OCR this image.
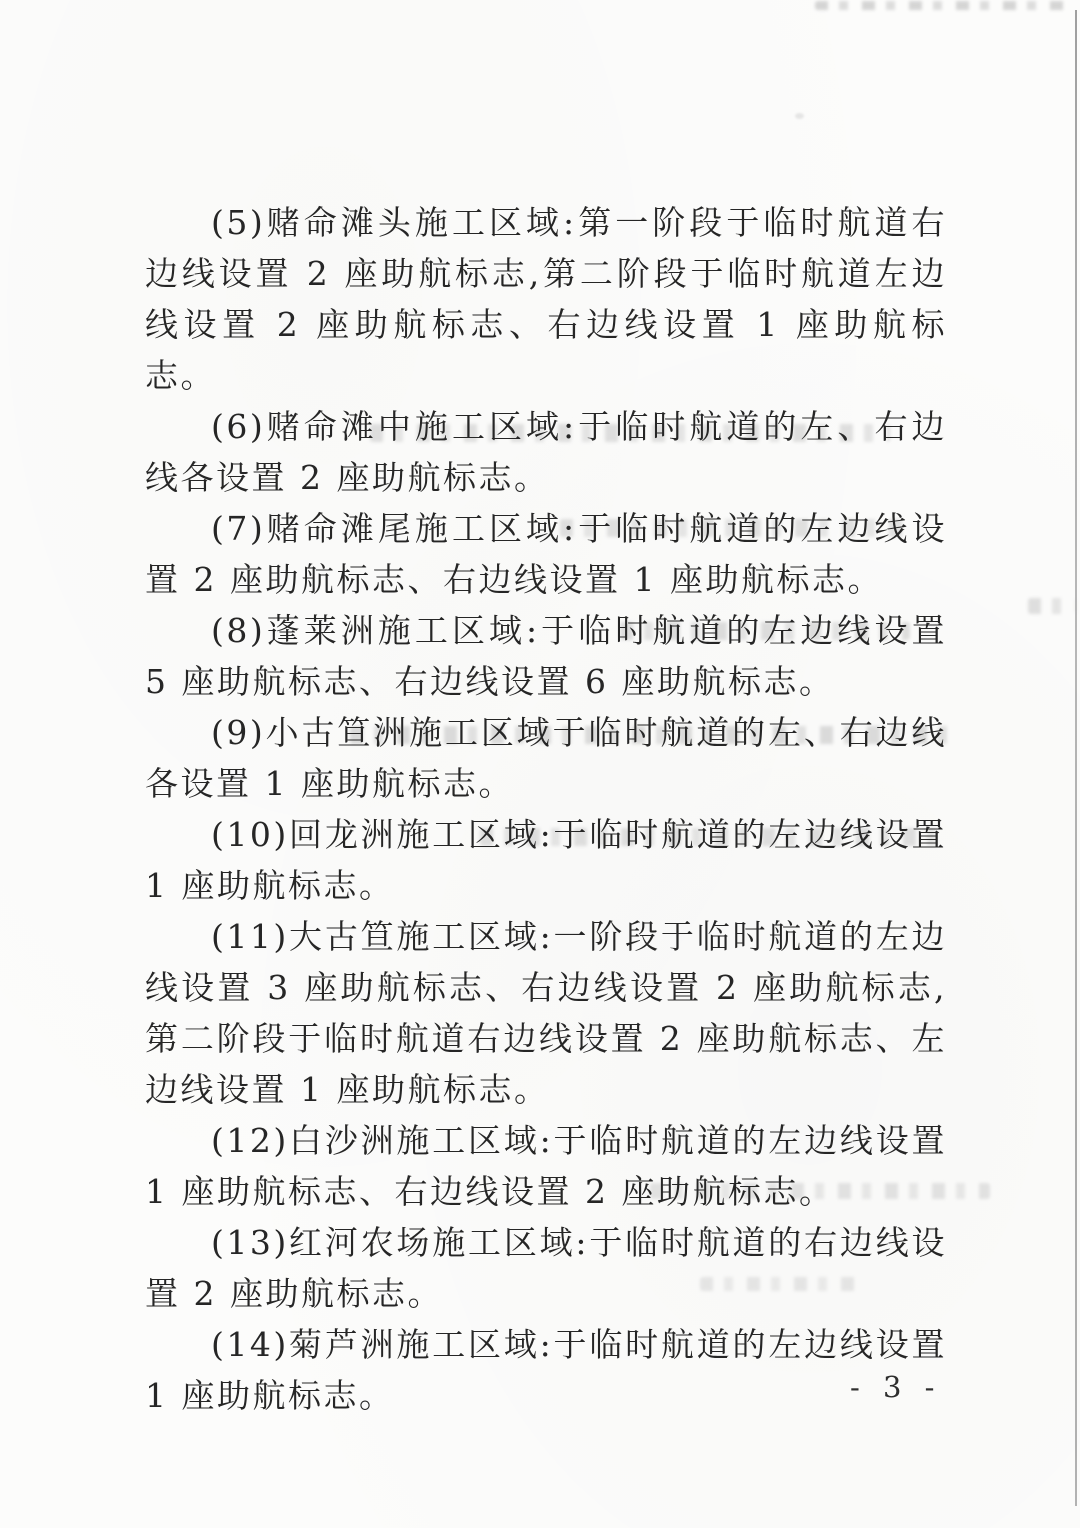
(5)赌命滩头施工区域:第一阶段于临时航道右边线设置 2 座助航标志,第二阶段于临时航道左边线设置 2 座助航标志、右边线设置 1 座助航标志。

(6)赌命滩中施工区域:于临时航道的左、右边线各设置 2 座助航标志。

(7)赌命滩尾施工区域:于临时航道的左边线设置 2 座助航标志、右边线设置 1 座助航标志。

(8)蓬莱洲施工区域:于临时航道的左边线设置 5 座助航标志、右边线设置 6 座助航标志。

(9)小古笪洲施工区域于临时航道的左、右边线各设置 1 座助航标志。

(10)回龙洲施工区域:于临时航道的左边线设置 1 座助航标志。

(11)大古笪施工区域:一阶段于临时航道的左边线设置 3 座助航标志、右边线设置 2 座助航标志,第二阶段于临时航道右边线设置 2 座助航标志、左边线设置 1 座助航标志。

(12)白沙洲施工区域:于临时航道的左边线设置 1 座助航标志、右边线设置 2 座助航标志。

(13)红河农场施工区域:于临时航道的右边线设置 2 座助航标志。

(14)菊芦洲施工区域:于临时航道的左边线设置 1 座助航标志。	- 3 -
